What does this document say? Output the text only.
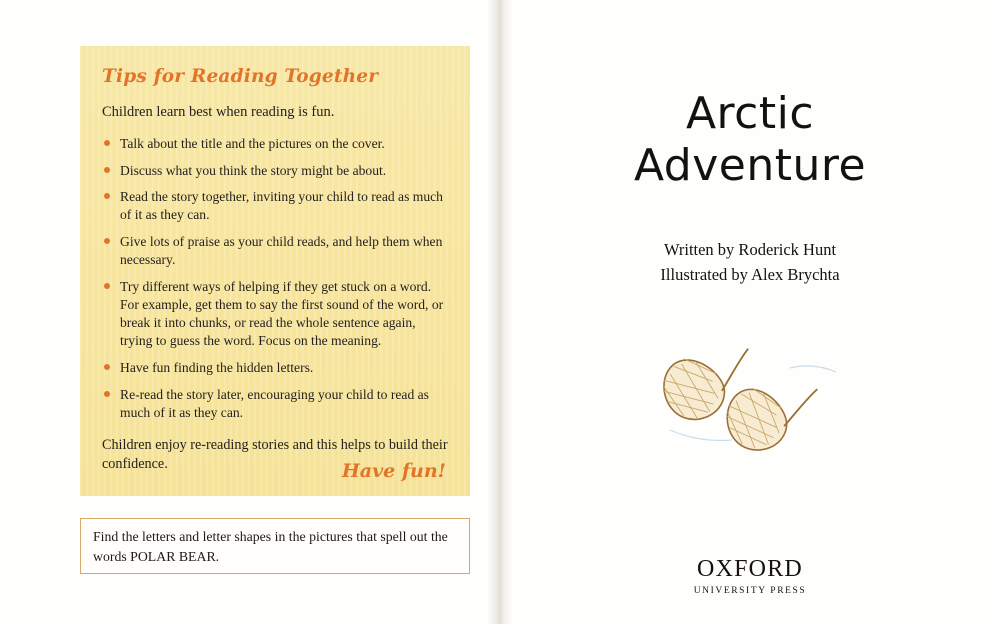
Tips for Reading Together

Children learn best when reading is fun.

Talk about the title and the pictures on the cover.
Discuss what you think the story might be about.
Read the story together, inviting your child to read as much of it as they can.
Give lots of praise as your child reads, and help them when necessary.
Try different ways of helping if they get stuck on a word. For example, get them to say the first sound of the word, or break it into chunks, or read the whole sentence again, trying to guess the word. Focus on the meaning.
Have fun finding the hidden letters.
Re-read the story later, encouraging your child to read as much of it as they can.

Children enjoy re-reading stories and this helps to build their confidence.	Have fun!
Find the letters and letter shapes in the pictures that spell out the words POLAR BEAR.
Arctic
Adventure
Written by Roderick Hunt
Illustrated by Alex Brychta
OXFORD
UNIVERSITY PRESS
